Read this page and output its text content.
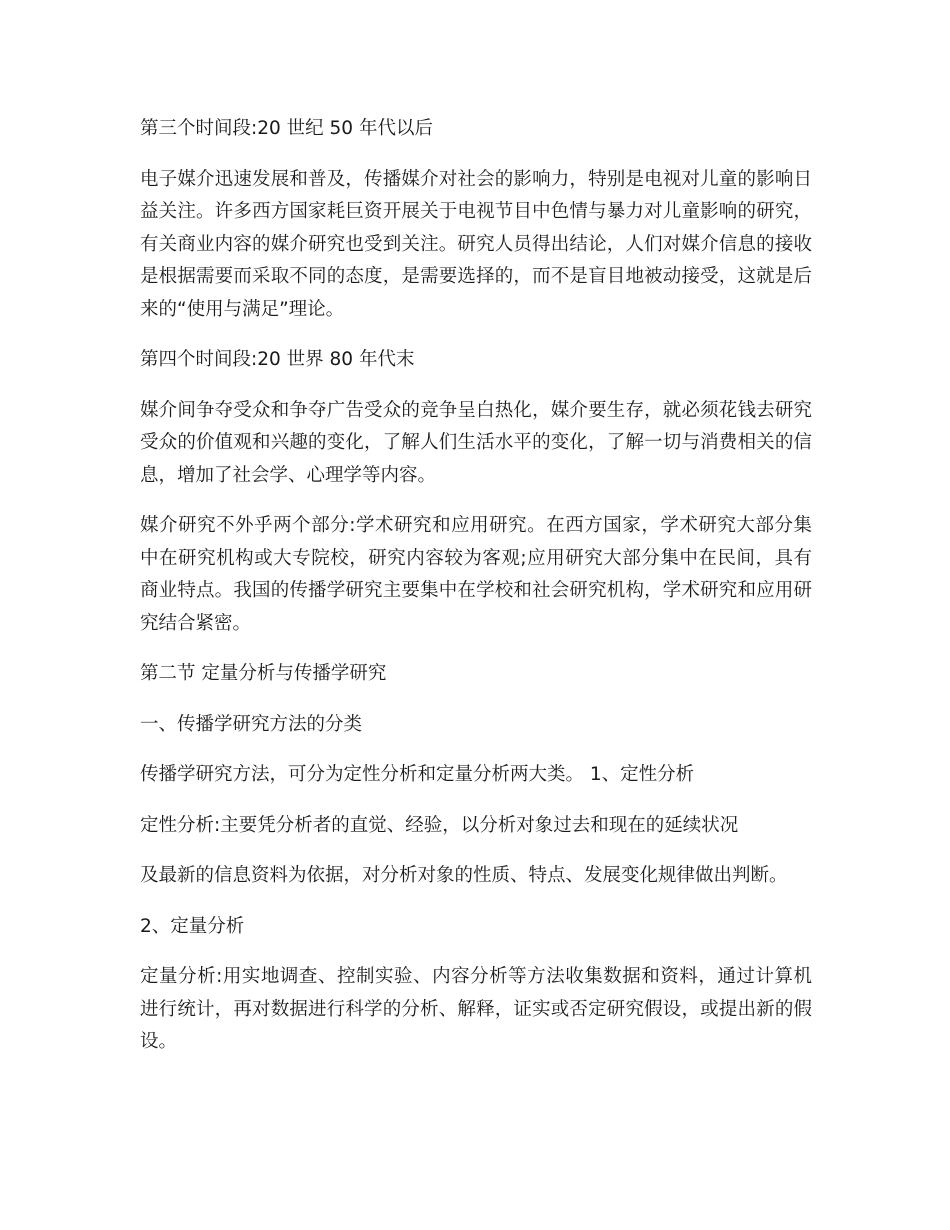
第三个时间段:20 世纪 50 年代以后

电子媒介迅速发展和普及，传播媒介对社会的影响力，特别是电视对儿童的影响日益关注。许多西方国家耗巨资开展关于电视节目中色情与暴力对儿童影响的研究，有关商业内容的媒介研究也受到关注。研究人员得出结论，人们对媒介信息的接收是根据需要而采取不同的态度，是需要选择的，而不是盲目地被动接受，这就是后来的“使用与满足”理论。

第四个时间段:20 世界 80 年代末

媒介间争夺受众和争夺广告受众的竞争呈白热化，媒介要生存，就必须花钱去研究受众的价值观和兴趣的变化，了解人们生活水平的变化，了解一切与消费相关的信息，增加了社会学、心理学等内容。

媒介研究不外乎两个部分:学术研究和应用研究。在西方国家，学术研究大部分集中在研究机构或大专院校，研究内容较为客观;应用研究大部分集中在民间，具有商业特点。我国的传播学研究主要集中在学校和社会研究机构，学术研究和应用研究结合紧密。

第二节 定量分析与传播学研究

一、传播学研究方法的分类

传播学研究方法，可分为定性分析和定量分析两大类。 1、定性分析

定性分析:主要凭分析者的直觉、经验，以分析对象过去和现在的延续状况

及最新的信息资料为依据，对分析对象的性质、特点、发展变化规律做出判断。

2、定量分析

定量分析:用实地调查、控制实验、内容分析等方法收集数据和资料，通过计算机进行统计，再对数据进行科学的分析、解释，证实或否定研究假设，或提出新的假设。
